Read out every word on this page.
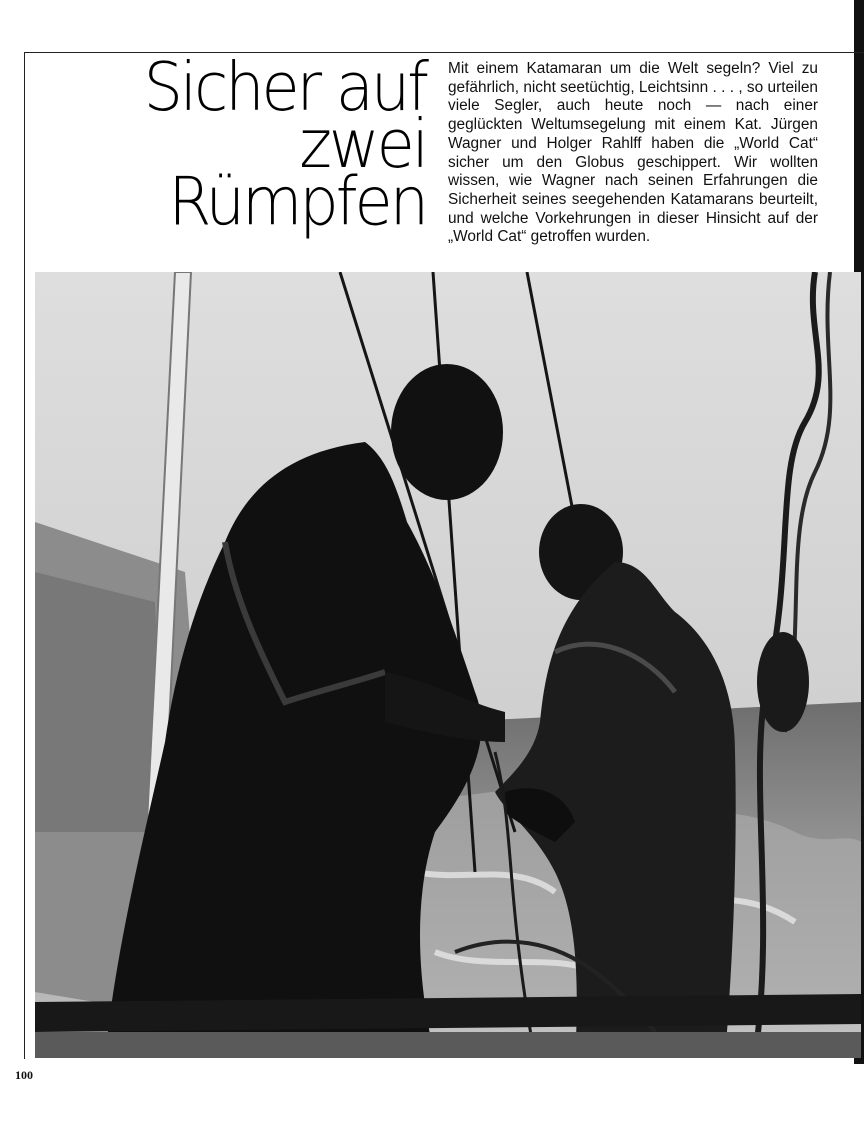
Sicher auf
zwei
Rümpfen

Mit einem Katamaran um die Welt segeln? Viel zu gefährlich, nicht seetüchtig, Leichtsinn . . . , so urteilen viele Segler, auch heute noch — nach einer geglückten Weltumsegelung mit einem Kat. Jürgen Wagner und Holger Rahlff haben die „World Cat“ sicher um den Globus geschippert. Wir wollten wissen, wie Wagner nach seinen Erfahrungen die Sicherheit seines seegehenden Katamarans beurteilt, und welche Vorkehrungen in dieser Hinsicht auf der „World Cat“ getroffen wurden.

100
